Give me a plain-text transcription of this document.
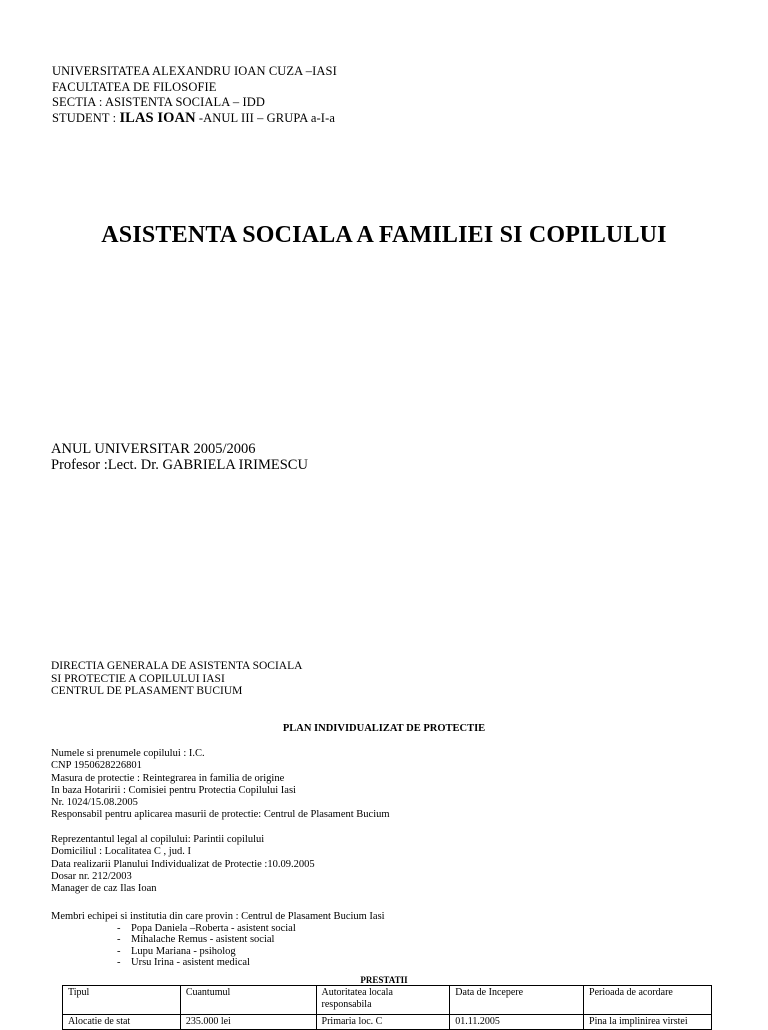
UNIVERSITATEA ALEXANDRU IOAN CUZA –IASI
FACULTATEA DE FILOSOFIE
SECTIA : ASISTENTA SOCIALA – IDD
STUDENT : ILAS IOAN -ANUL III – GRUPA a-I-a
ASISTENTA SOCIALA A FAMILIEI SI COPILULUI
ANUL UNIVERSITAR 2005/2006
Profesor :Lect. Dr. GABRIELA IRIMESCU
DIRECTIA GENERALA DE ASISTENTA SOCIALA
SI PROTECTIE A COPILULUI IASI
CENTRUL DE PLASAMENT BUCIUM
PLAN INDIVIDUALIZAT DE PROTECTIE
Numele si prenumele copilului : I.C.
CNP 1950628226801
Masura de protectie : Reintegrarea in familia de origine
In baza Hotaririi : Comisiei pentru Protectia Copilului Iasi
Nr. 1024/15.08.2005
Responsabil pentru aplicarea masurii de protectie: Centrul de Plasament Bucium
Reprezentantul legal al copilului: Parintii copilului
Domiciliul : Localitatea C , jud. I
Data realizarii Planului Individualizat de Protectie :10.09.2005
Dosar nr. 212/2003
Manager de caz Ilas Ioan
Membri echipei si institutia din care provin : Centrul de Plasament Bucium Iasi
- Popa Daniela –Roberta - asistent social
- Mihalache Remus - asistent social
- Lupu Mariana - psiholog
- Ursu Irina - asistent medical
PRESTATII
Tipul	Cuantumul	Autoritatea locala responsabila	Data de Incepere	Perioada de acordare
Alocatie de stat	235.000 lei	Primaria loc. C	01.11.2005	Pina la implinirea virstei
